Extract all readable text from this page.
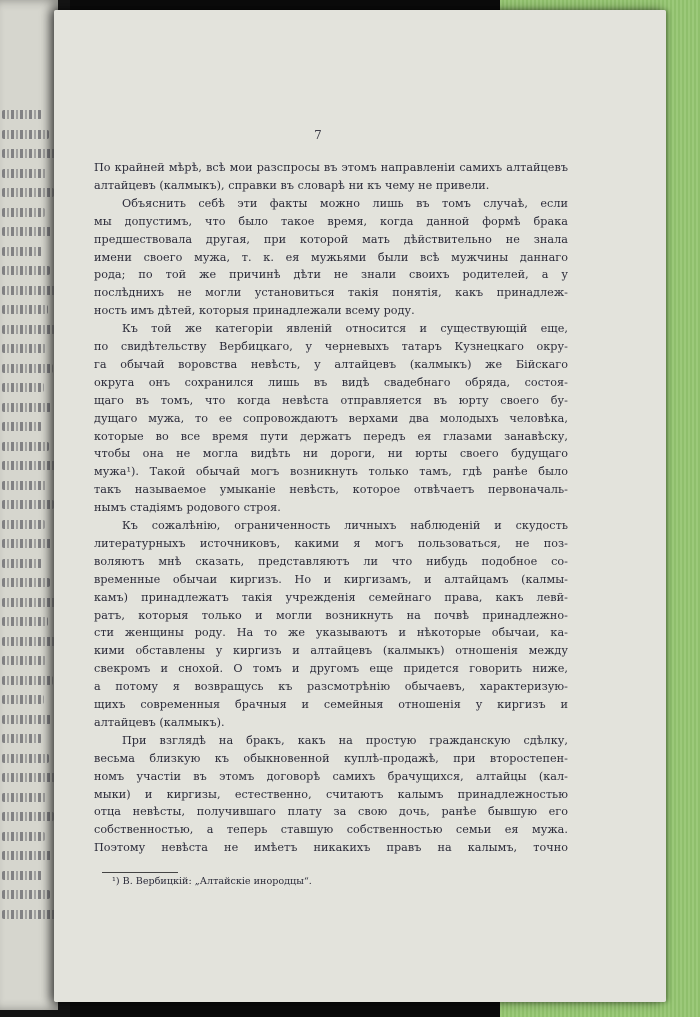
7
По крайней мѣрѣ, всѣ мои разспросы въ этомъ направленіи самихъ алтайцевъ
алтайцевъ (калмыкъ), справки въ словарѣ ни къ чему не привели.
Объяснить себѣ эти факты можно лишь въ томъ случаѣ, если
мы допустимъ, что было такое время, когда данной формѣ брака
предшествовала другая, при которой мать дѣйствительно не знала
имени своего мужа, т. к. ея мужьями были всѣ мужчины даннаго
рода; по той же причинѣ дѣти не знали своихъ родителей, а у
послѣднихъ не могли установиться такія понятія, какъ принадлеж-
ность имъ дѣтей, которыя принадлежали всему роду.
Къ той же категоріи явленій относится и существующій еще,
по свидѣтельству Вербицкаго, у черневыхъ татаръ Кузнецкаго окру-
га обычай воровства невѣсть, у алтайцевъ (калмыкъ) же Бійскаго
округа онъ сохранился лишь въ видѣ свадебнаго обряда, состоя-
щаго въ томъ, что когда невѣста отправляется въ юрту своего бу-
дущаго мужа, то ее сопровождаютъ верхами два молодыхъ человѣка,
которые во все время пути держатъ передъ ея глазами занавѣску,
чтобы она не могла видѣть ни дороги, ни юрты своего будущаго
мужа¹). Такой обычай могъ возникнуть только тамъ, гдѣ ранѣе было
такъ называемое умыканіе невѣсть, которое отвѣчаетъ первоначаль-
нымъ стадіямъ родового строя.
Къ сожалѣнію, ограниченность личныхъ наблюденій и скудость
литературныхъ источниковъ, какими я могъ пользоваться, не поз-
воляютъ мнѣ сказать, представляютъ ли что нибудь подобное со-
временные обычаи киргизъ. Но и киргизамъ, и алтайцамъ (калмы-
камъ) принадлежатъ такія учрежденія семейнаго права, какъ левй-
ратъ, которыя только и могли возникнуть на почвѣ принадлежно-
сти женщины роду. На то же указываютъ и нѣкоторые обычаи, ка-
кими обставлены у киргизъ и алтайцевъ (калмыкъ) отношенія между
свекромъ и снохой. О томъ и другомъ еще придется говорить ниже,
а потому я возвращусь къ разсмотрѣнію обычаевъ, характеризую-
щихъ современныя брачныя и семейныя отношенія у киргизъ и
алтайцевъ (калмыкъ).
При взглядѣ на бракъ, какъ на простую гражданскую сдѣлку,
весьма близкую къ обыкновенной куплѣ-продажѣ, при второстепен-
номъ участіи въ этомъ договорѣ самихъ брачущихся, алтайцы (кал-
мыки) и киргизы, естественно, считаютъ калымъ принадлежностью
отца невѣсты, получившаго плату за свою дочь, ранѣе бывшую его
собственностью, а теперь ставшую собственностью семьи ея мужа.
Поэтому невѣста не имѣетъ никакихъ правъ на калымъ, точно
¹) В. Вербицкій: „Алтайскіе инородцы“.
